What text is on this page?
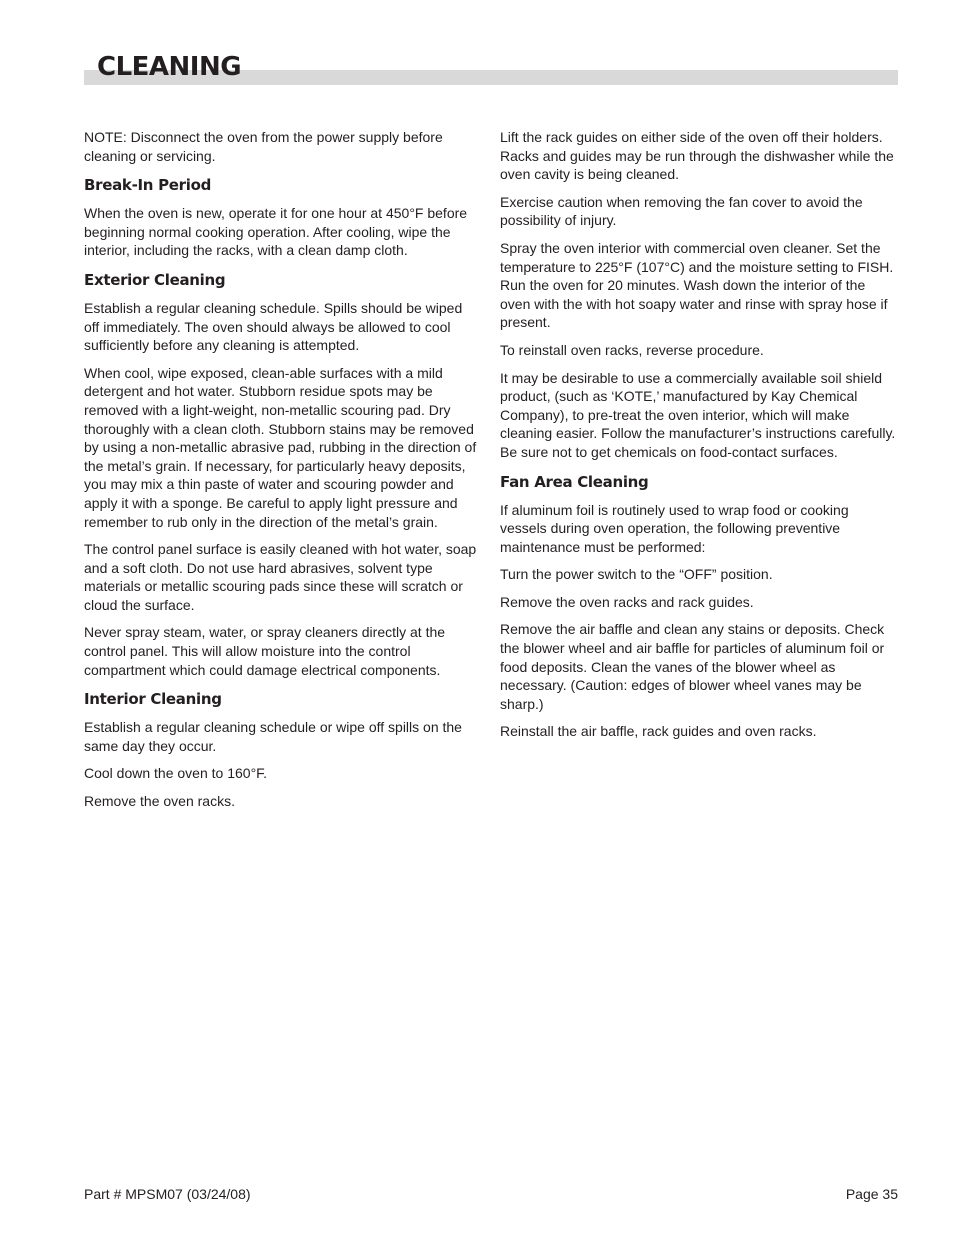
CLEANING

NOTE: Disconnect the oven from the power supply before cleaning or servicing.

Break-In Period

When the oven is new, operate it for one hour at 450°F before beginning normal cooking operation. After cooling, wipe the interior, including the racks, with a clean damp cloth.

Exterior Cleaning

Establish a regular cleaning schedule. Spills should be wiped off immediately. The oven should always be allowed to cool sufficiently before any cleaning is attempted.

When cool, wipe exposed, clean-able surfaces with a mild detergent and hot water. Stubborn residue spots may be removed with a light-weight, non-metallic scouring pad. Dry thoroughly with a clean cloth. Stubborn stains may be removed by using a non-metallic abrasive pad, rubbing in the direction of the metal’s grain. If necessary, for particularly heavy deposits, you may mix a thin paste of water and scouring powder and apply it with a sponge. Be careful to apply light pressure and remember to rub only in the direction of the metal’s grain.

The control panel surface is easily cleaned with hot water, soap and a soft cloth. Do not use hard abrasives, solvent type materials or metallic scouring pads since these will scratch or cloud the surface.

Never spray steam, water, or spray cleaners directly at the control panel. This will allow moisture into the control compartment which could damage electrical components.

Interior Cleaning

Establish a regular cleaning schedule or wipe off spills on the same day they occur.

Cool down the oven to 160°F.

Remove the oven racks.

Lift the rack guides on either side of the oven off their holders. Racks and guides may be run through the dishwasher while the oven cavity is being cleaned.

Exercise caution when removing the fan cover to avoid the possibility of injury.

Spray the oven interior with commercial oven cleaner. Set the temperature to 225°F (107°C) and the moisture setting to FISH. Run the oven for 20 minutes. Wash down the interior of the oven with the with hot soapy water and rinse with spray hose if present.

To reinstall oven racks, reverse procedure.

It may be desirable to use a commercially available soil shield product, (such as ‘KOTE,’ manufactured by Kay Chemical Company), to pre-treat the oven interior, which will make cleaning easier. Follow the manufacturer’s instructions carefully. Be sure not to get chemicals on food-contact surfaces.

Fan Area Cleaning

If aluminum foil is routinely used to wrap food or cooking vessels during oven operation, the following preventive maintenance must be performed:

Turn the power switch to the “OFF” position.

Remove the oven racks and rack guides.

Remove the air baffle and clean any stains or deposits. Check the blower wheel and air baffle for particles of aluminum foil or food deposits. Clean the vanes of the blower wheel as necessary. (Caution: edges of blower wheel vanes may be sharp.)

Reinstall the air baffle, rack guides and oven racks.

Part # MPSM07 (03/24/08)	Page 35
